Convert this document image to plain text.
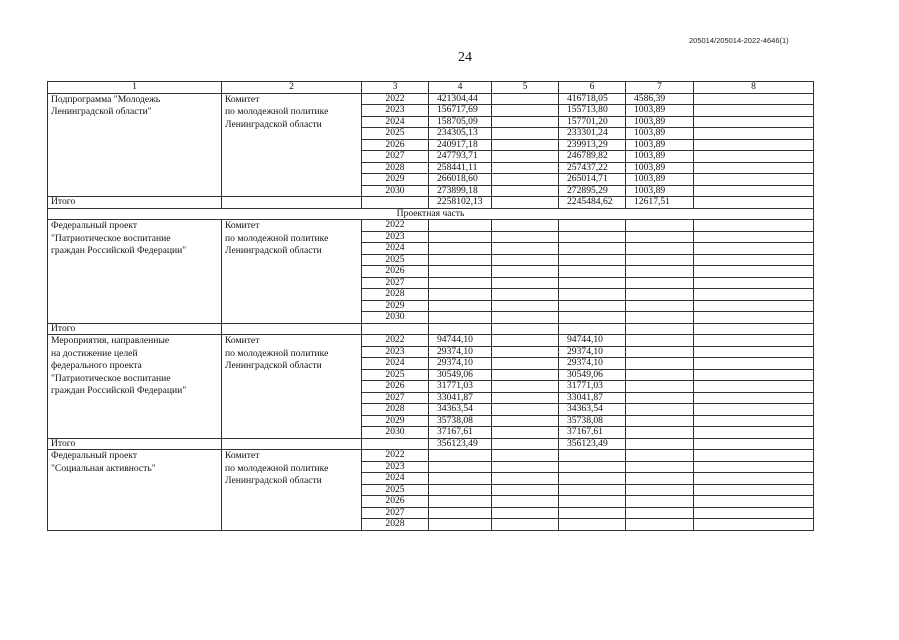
205014/205014-2022-4646(1)
24
1	2	3	4	5	6	7	8

Подпрограмма "Молодежь
Ленинградской области"	Комитет
по молодежной политике
Ленинградской области	2022	421304,44		416718,05	4586,39	
		2023	156717,69		155713,80	1003,89	
		2024	158705,09		157701,20	1003,89	
		2025	234305,13		233301,24	1003,89	
		2026	240917,18		239913,29	1003,89	
		2027	247793,71		246789,82	1003,89	
		2028	258441,11		257437,22	1003,89	
		2029	266018,60		265014,71	1003,89	
		2030	273899,18		272895,29	1003,89	
Итого			2258102,13		2245484,62	12617,51	
Проектная часть							

Федеральный проект
"Патриотическое воспитание
граждан Российской Федерации"	Комитет
по молодежной политике
Ленинградской области	2022					
		2023					
		2024					
		2025					
		2026					
		2027					
		2028					
		2029					
		2030					
Итого							

Мероприятия, направленные
на достижение целей
федерального проекта
"Патриотическое воспитание
граждан Российской Федерации"	Комитет
по молодежной политике
Ленинградской области	2022	94744,10		94744,10		
		2023	29374,10		29374,10		
		2024	29374,10		29374,10		
		2025	30549,06		30549,06		
		2026	31771,03		31771,03		
		2027	33041,87		33041,87		
		2028	34363,54		34363,54		
		2029	35738,08		35738,08		
		2030	37167,61		37167,61		
Итого			356123,49		356123,49		

Федеральный проект
"Социальная активность"	Комитет
по молодежной политике
Ленинградской области	2022					
		2023					
		2024					
		2025					
		2026					
		2027					
		2028					
